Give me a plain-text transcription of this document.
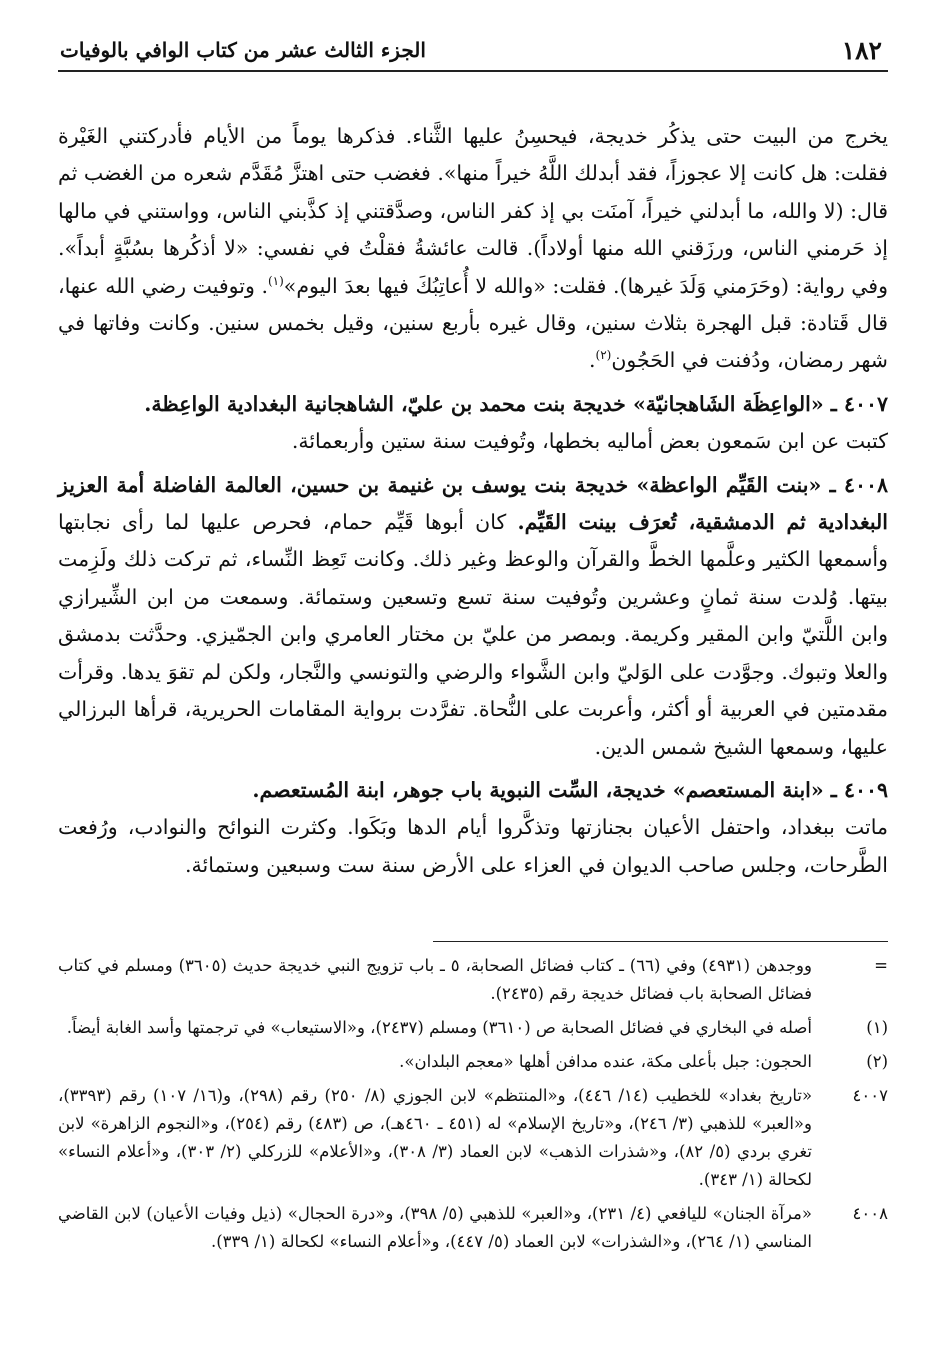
١٨٢
الجزء الثالث عشر من كتاب الوافي بالوفيات

يخرج من البيت حتى يذكُر خديجة، فيحسِنُ عليها الثَّناء. فذكرها يوماً من الأيام فأدركتني الغَيْرة فقلت: هل كانت إلا عجوزاً، فقد أبدلك اللَّهُ خيراً منها». فغضب حتى اهتزَّ مُقَدَّم شعره من الغضب ثم قال: (لا والله، ما أبدلني خيراً، آمنَت بي إذ كفر الناس، وصدَّقتني إذ كذَّبني الناس، وواستني في مالها إذ حَرمني الناس، ورزَقني الله منها أولاداً). قالت عائشةُ فقلْتُ في نفسي: «لا أذكُرها بسُبَّةٍ أبداً». وفي رواية: (وحَرَمني وَلَدَ غيرها). فقلت: «والله لا أُعاتِبُكَ فيها بعدَ اليوم»$^{(١)}$. وتوفيت رضي الله عنها، قال قَتادة: قبل الهجرة بثلاث سنين، وقال غيره بأربع سنين، وقيل بخمس سنين. وكانت وفاتها في شهر رمضان، ودُفنت في الحَجُون$^{(٢)}$.

٤٠٠٧ ـ «الواعِظَة الشَاهجانيّة» خديجة بنت محمد بن عليّ، الشاهجانية البغدادية الواعِظة.

كتبت عن ابن سَمعون بعض أماليه بخطها، وتُوفيت سنة ستين وأربعمائة.

٤٠٠٨ ـ «بنت القَيِّم الواعظة» خديجة بنت يوسف بن غنيمة بن حسين، العالمة الفاضلة أمة العزيز البغدادية ثم الدمشقية، تُعرَف بينت القَيِّم. كان أبوها قَيِّم حمام، فحرص عليها لما رأى نجابتها وأسمعها الكثير وعلَّمها الخطَّ والقرآن والوعظ وغير ذلك. وكانت تَعِظ النِّساء، ثم تركت ذلك ولَزِمت بيتها. وُلدت سنة ثمانٍ وعشرين وتُوفيت سنة تسع وتسعين وستمائة. وسمعت من ابن الشِّيرازي وابن اللَّتيّ وابن المقير وكريمة. وبمصر من عليّ بن مختار العامري وابن الجمّيزي. وحدَّثت بدمشق والعلا وتبوك. وجوَّدت على الوَليّ وابن الشَّواء والرضي والتونسي والنَّجار، ولكن لم تقوَ يدها. وقرأت مقدمتين في العربية أو أكثر، وأعربت على النُّحاة. تفرَّدت برواية المقامات الحريرية، قرأها البرزالي عليها، وسمعها الشيخ شمس الدين.

٤٠٠٩ ـ «ابنة المستعصم» خديجة، السِّت النبوية باب جوهر، ابنة المُستعصم.

ماتت ببغداد، واحتفل الأعيان بجنازتها وتذكَّروا أيام الدها وبَكَوا. وكثرت النوائح والنوادب، ورُفعت الطَّرحات، وجلس صاحب الديوان في العزاء على الأرض سنة ست وسبعين وستمائة.

=
ووجدهن (٤٩٣١) وفي (٦٦) ـ كتاب فضائل الصحابة، ٥ ـ باب تزويج النبي خديجة حديث (٣٦٠٥) ومسلم في كتاب فضائل الصحابة باب فضائل خديجة رقم (٢٤٣٥).
(١)
أصله في البخاري في فضائل الصحابة ص (٣٦١٠) ومسلم (٢٤٣٧)، و«الاستيعاب» في ترجمتها وأسد الغابة أيضاً.
(٢)
الحجون: جبل بأعلى مكة، عنده مدافن أهلها «معجم البلدان».
٤٠٠٧
«تاريخ بغداد» للخطيب (١٤/ ٤٤٦)، و«المنتظم» لابن الجوزي (٨/ ٢٥٠) رقم (٢٩٨)، و(١٦/ ١٠٧) رقم (٣٣٩٣)، و«العبر» للذهبي (٣/ ٢٤٦)، و«تاريخ الإسلام» له (٤٥١ ـ ٤٦٠هـ)، ص (٤٨٣) رقم (٢٥٤)، و«النجوم الزاهرة» لابن تغري بردي (٥/ ٨٢)، و«شذرات الذهب» لابن العماد (٣/ ٣٠٨)، و«الأعلام» للزركلي (٢/ ٣٠٣)، و«أعلام النساء» لكحالة (١/ ٣٤٣).
٤٠٠٨
«مرآة الجنان» لليافعي (٤/ ٢٣١)، و«العبر» للذهبي (٥/ ٣٩٨)، و«درة الحجال» (ذيل وفيات الأعيان) لابن القاضي المناسي (١/ ٢٦٤)، و«الشذرات» لابن العماد (٥/ ٤٤٧)، و«أعلام النساء» لكحالة (١/ ٣٣٩).
